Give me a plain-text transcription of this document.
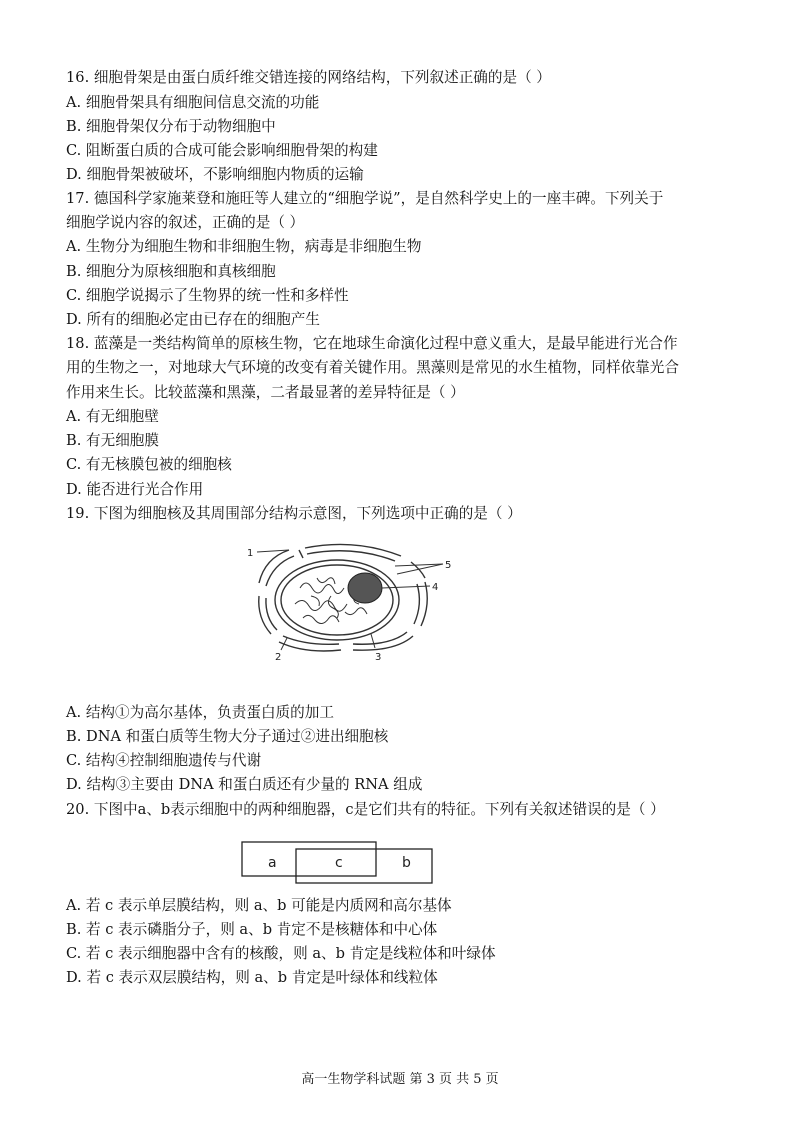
16. 细胞骨架是由蛋白质纤维交错连接的网络结构，下列叙述正确的是（ ）
A. 细胞骨架具有细胞间信息交流的功能
B. 细胞骨架仅分布于动物细胞中
C. 阻断蛋白质的合成可能会影响细胞骨架的构建
D. 细胞骨架被破坏，不影响细胞内物质的运输
17. 德国科学家施莱登和施旺等人建立的“细胞学说”，是自然科学史上的一座丰碑。下列关于
细胞学说内容的叙述，正确的是（ ）
A. 生物分为细胞生物和非细胞生物，病毒是非细胞生物
B. 细胞分为原核细胞和真核细胞
C. 细胞学说揭示了生物界的统一性和多样性
D. 所有的细胞必定由已存在的细胞产生
18. 蓝藻是一类结构简单的原核生物，它在地球生命演化过程中意义重大，是最早能进行光合作
用的生物之一，对地球大气环境的改变有着关键作用。黑藻则是常见的水生植物，同样依靠光合
作用来生长。比较蓝藻和黑藻，二者最显著的差异特征是（ ）
A. 有无细胞壁
B. 有无细胞膜
C. 有无核膜包被的细胞核
D. 能否进行光合作用
19. 下图为细胞核及其周围部分结构示意图，下列选项中正确的是（ ）
1
2	3
4
5
A. 结构①为高尔基体，负责蛋白质的加工
B. DNA 和蛋白质等生物大分子通过②进出细胞核
C. 结构④控制细胞遗传与代谢
D. 结构③主要由 DNA 和蛋白质还有少量的 RNA 组成
20. 下图中a、b表示细胞中的两种细胞器，c是它们共有的特征。下列有关叙述错误的是（ ）
a	c	b
A. 若 c 表示单层膜结构，则 a、b 可能是内质网和高尔基体
B. 若 c 表示磷脂分子，则 a、b 肯定不是核糖体和中心体
C. 若 c 表示细胞器中含有的核酸，则 a、b 肯定是线粒体和叶绿体
D. 若 c 表示双层膜结构，则 a、b 肯定是叶绿体和线粒体
高一生物学科试题 第 3 页 共 5 页
